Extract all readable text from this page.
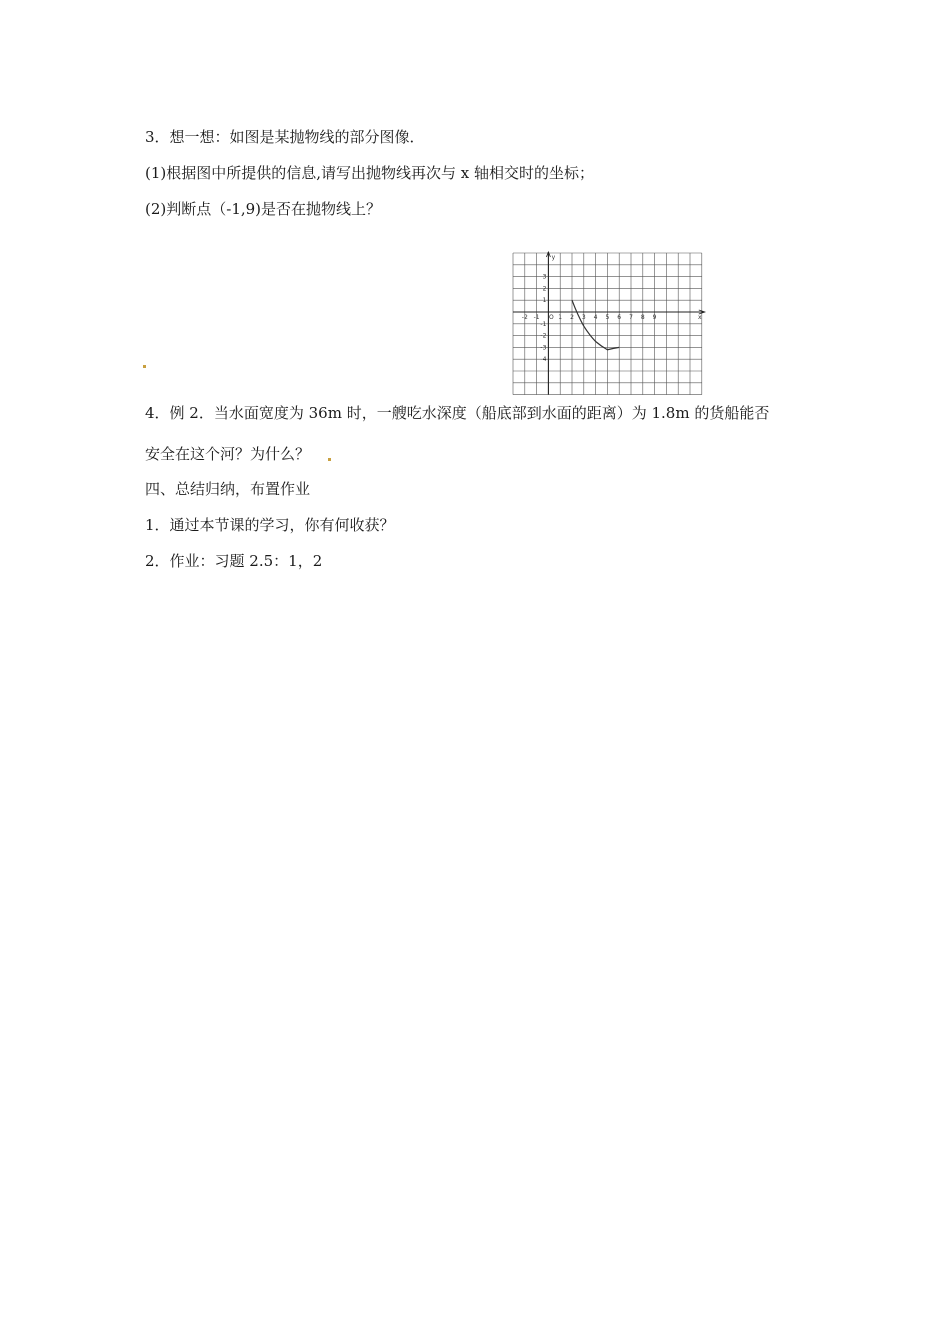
3．想一想：如图是某抛物线的部分图像．
(1)根据图中所提供的信息,请写出抛物线再次与 x 轴相交时的坐标；
(2)判断点（-1,9)是否在抛物线上？
-2 -1	1 2 3 4 5 6 7 8 9
3
2
1
-1
-2
-3
-4
O	x
y
4．例 2．当水面宽度为 36m 时，一艘吃水深度（船底部到水面的距离）为 1.8m 的货船能否
安全在这个河？为什么？
四、总结归纳，布置作业
1．通过本节课的学习，你有何收获？
2．作业：习题 2.5：1，2
